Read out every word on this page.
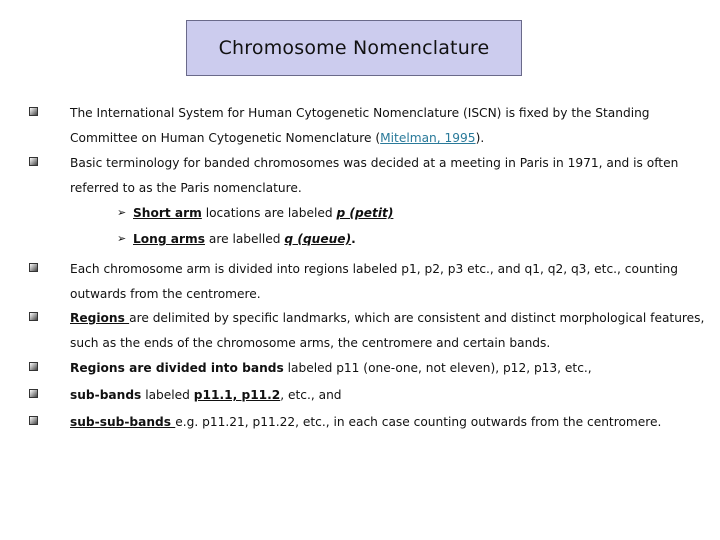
Chromosome Nomenclature
The International System for Human Cytogenetic Nomenclature (ISCN) is fixed by the Standing Committee on Human Cytogenetic Nomenclature (Mitelman, 1995).
Basic terminology for banded chromosomes was decided at a meeting in Paris in 1971, and is often referred to as the Paris nomenclature.
➢ Short arm locations are labeled p (petit)
➢ Long arms are labelled q (queue) .
Each chromosome arm is divided into regions labeled p1, p2, p3 etc., and q1, q2, q3, etc., counting outwards from the centromere.
Regions are delimited by specific landmarks, which are consistent and distinct morphological features, such as the ends of the chromosome arms, the centromere and certain bands.
Regions are divided into bands labeled p11 (one-one, not eleven), p12, p13, etc.,
sub-bands labeled p11.1, p11.2, etc., and
sub-sub-bands e.g. p11.21, p11.22, etc., in each case counting outwards from the centromere.
